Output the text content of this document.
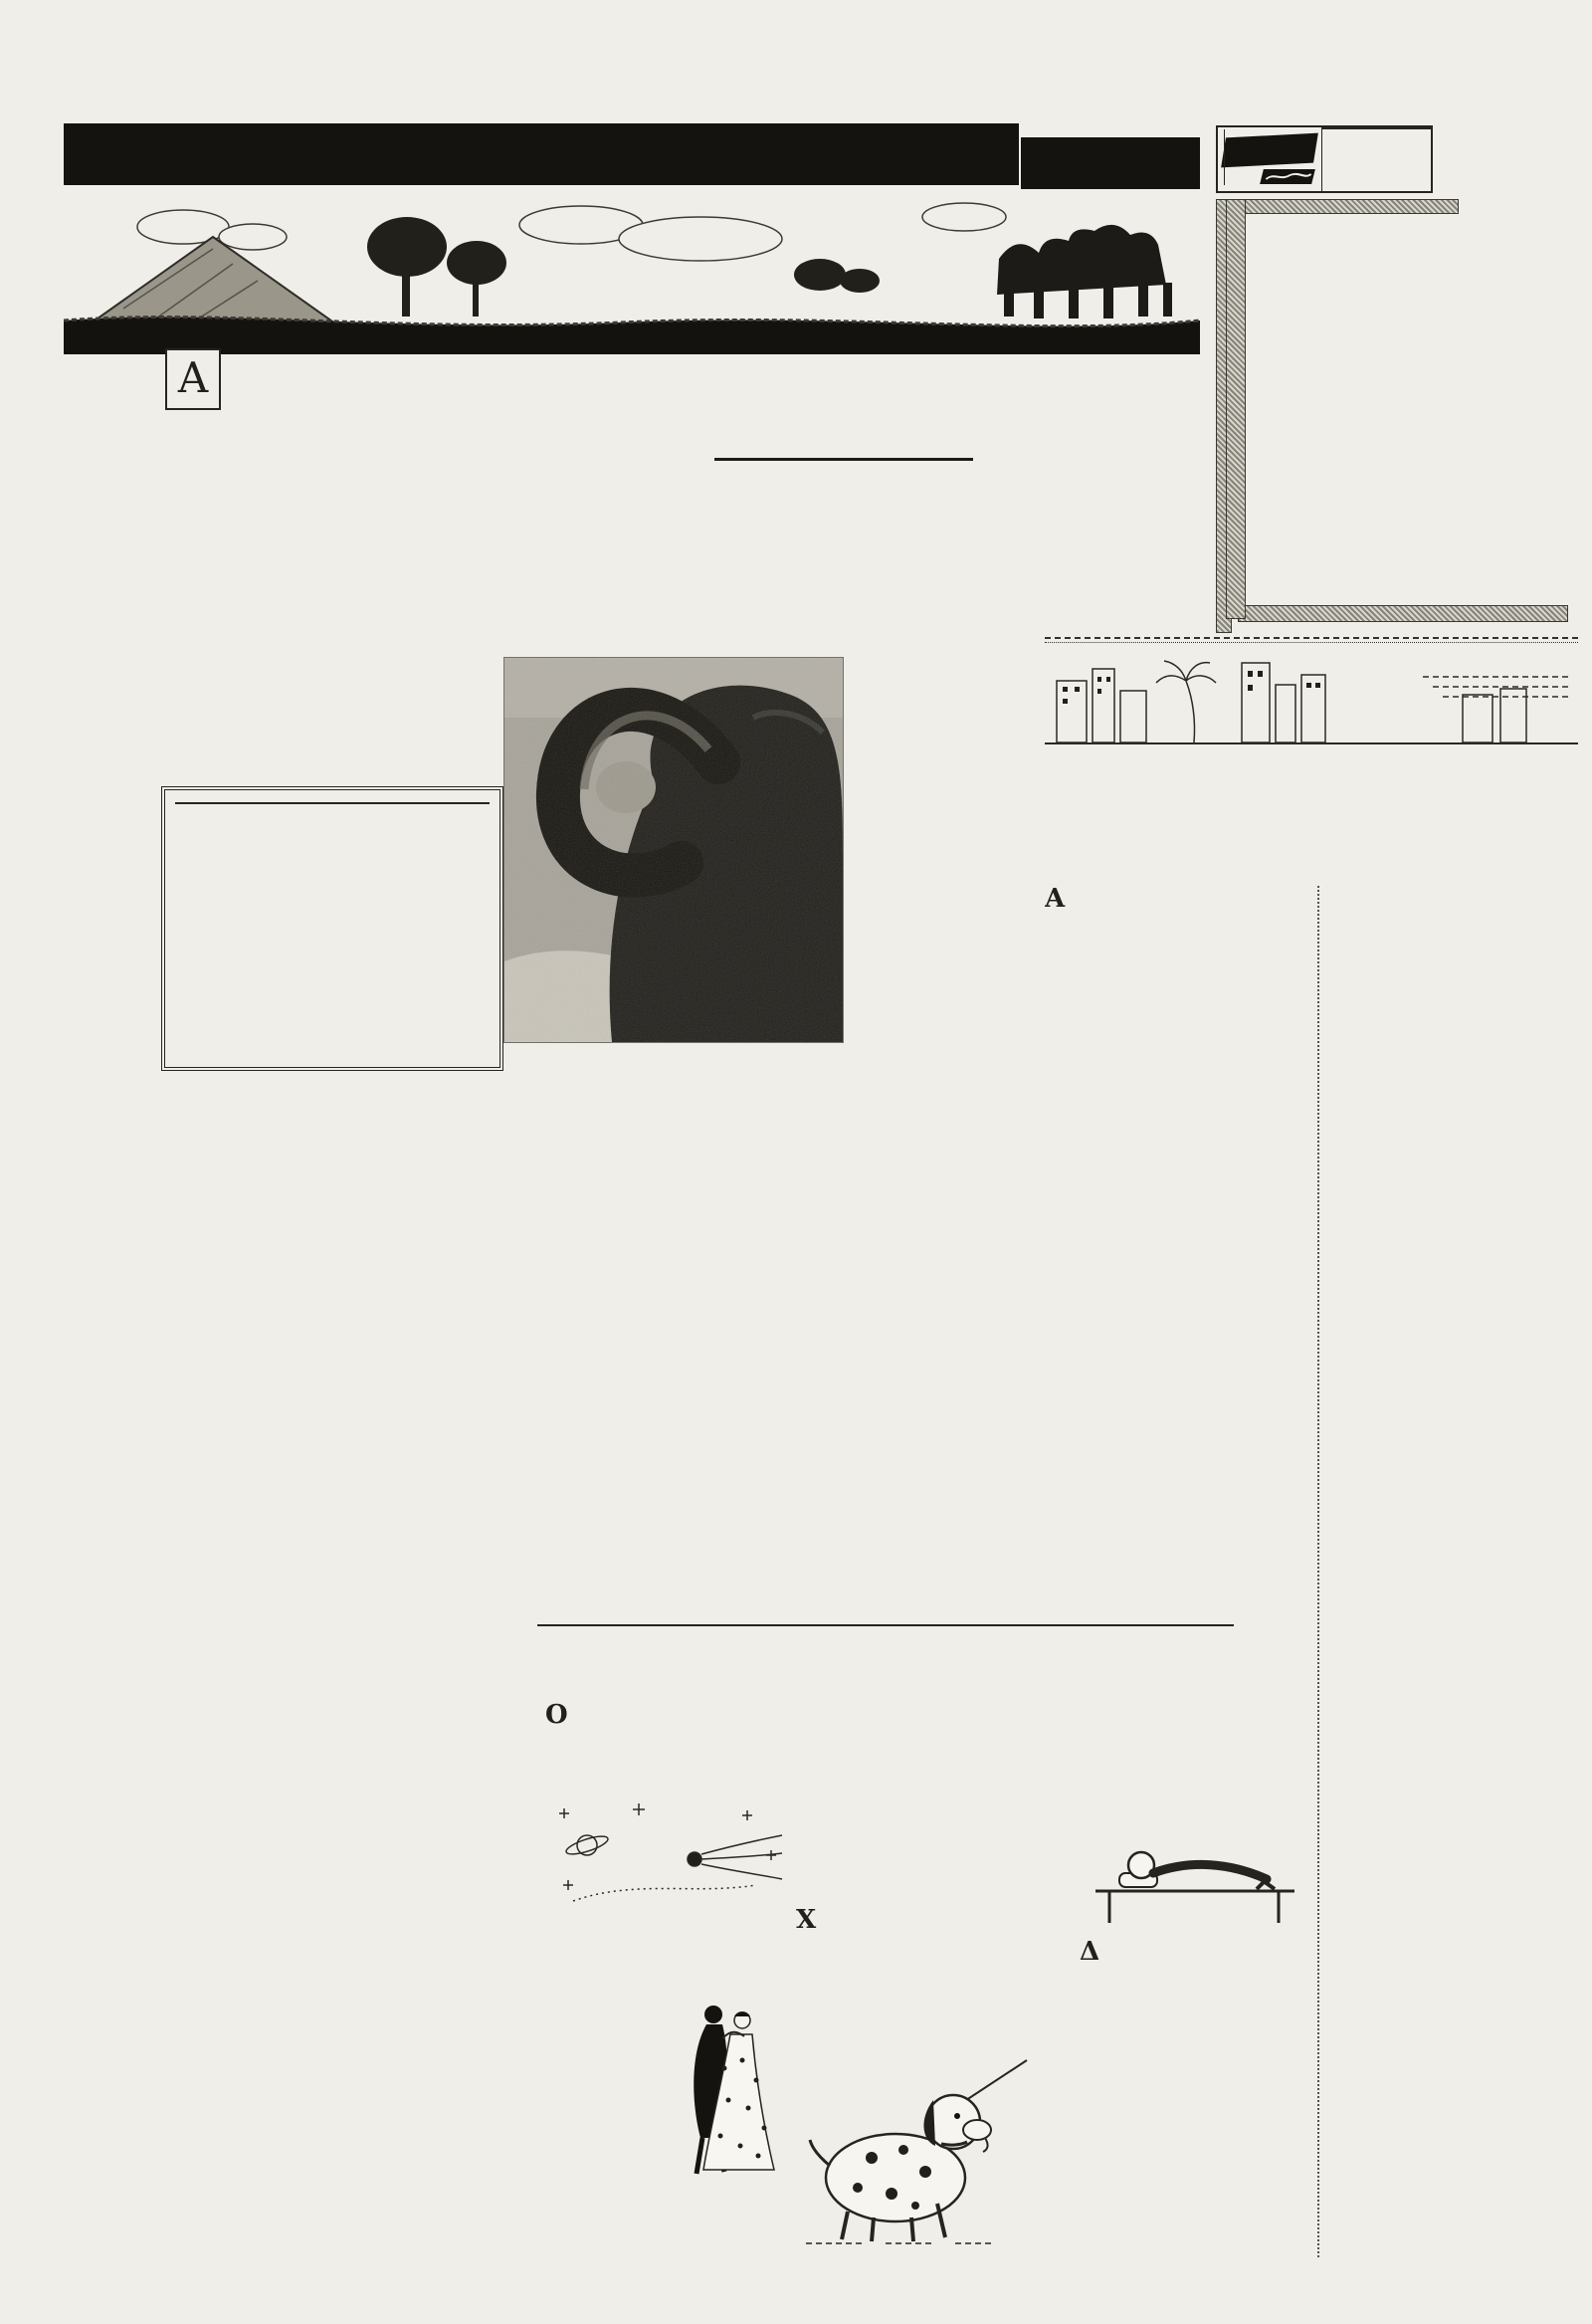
Α
Α
Ο
Χ
Δ
